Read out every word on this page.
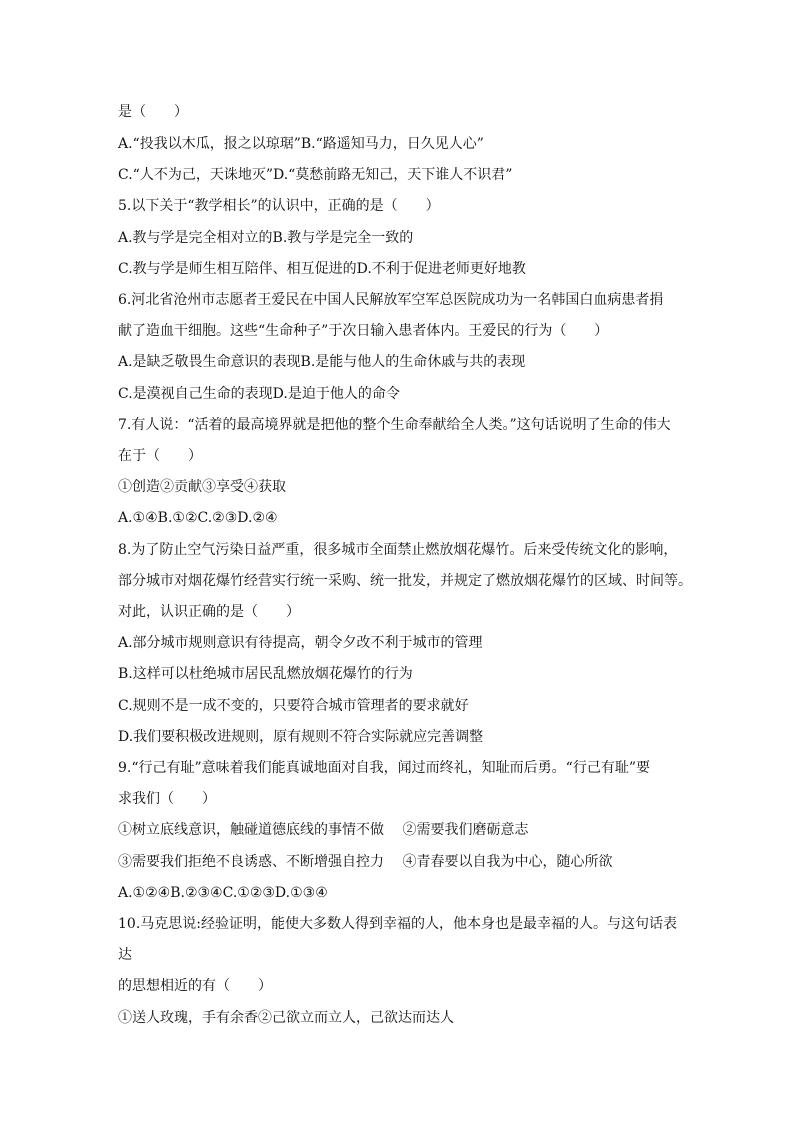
是（　　）
A.“投我以木瓜，报之以琼琚”B.“路遥知马力，日久见人心”
C.“人不为己，天诛地灭”D.“莫愁前路无知己，天下谁人不识君”
5.以下关于“教学相长”的认识中，正确的是（　　）
A.教与学是完全相对立的B.教与学是完全一致的
C.教与学是师生相互陪伴、相互促进的D.不利于促进老师更好地教
6.河北省沧州市志愿者王爱民在中国人民解放军空军总医院成功为一名韩国白血病患者捐
献了造血干细胞。这些“生命种子”于次日输入患者体内。王爱民的行为（　　）
A.是缺乏敬畏生命意识的表现B.是能与他人的生命休戚与共的表现
C.是漠视自己生命的表现D.是迫于他人的命令
7.有人说：“活着的最高境界就是把他的整个生命奉献给全人类。”这句话说明了生命的伟大
在于（　　）
①创造②贡献③享受④获取
A.①④B.①②C.②③D.②④
8.为了防止空气污染日益严重，很多城市全面禁止燃放烟花爆竹。后来受传统文化的影响，
部分城市对烟花爆竹经营实行统一采购、统一批发，并规定了燃放烟花爆竹的区域、时间等。
对此，认识正确的是（　　）
A.部分城市规则意识有待提高，朝令夕改不利于城市的管理
B.这样可以杜绝城市居民乱燃放烟花爆竹的行为
C.规则不是一成不变的，只要符合城市管理者的要求就好
D.我们要积极改进规则，原有规则不符合实际就应完善调整
9.“行己有耻”意味着我们能真诚地面对自我，闻过而终礼，知耻而后勇。“行己有耻”要
求我们（　　）
①树立底线意识，触碰道德底线的事情不做　 ②需要我们磨砺意志
③需要我们拒绝不良诱惑、不断增强自控力　 ④青春要以自我为中心，随心所欲
A.①②④B.②③④C.①②③D.①③④
10.马克思说:经验证明，能使大多数人得到幸福的人，他本身也是最幸福的人。与这句话表
达
的思想相近的有（　　）
①送人玫瑰，手有余香②己欲立而立人，己欲达而达人
